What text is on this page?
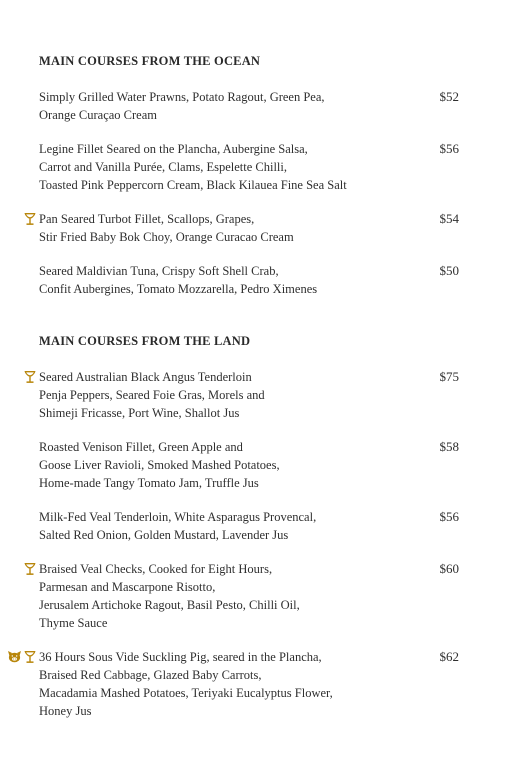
MAIN COURSES FROM THE OCEAN
Simply Grilled Water Prawns, Potato Ragout, Green Pea,
Orange Curaçao Cream
$52
Legine Fillet Seared on the Plancha, Aubergine Salsa,
Carrot and Vanilla Purée, Clams, Espelette Chilli,
Toasted Pink Peppercorn Cream, Black Kilauea Fine Sea Salt
$56
Pan Seared Turbot Fillet, Scallops, Grapes,
Stir Fried Baby Bok Choy, Orange Curacao Cream
$54
Seared Maldivian Tuna, Crispy Soft Shell Crab,
Confit Aubergines, Tomato Mozzarella, Pedro Ximenes
$50
MAIN COURSES FROM THE LAND
Seared Australian Black Angus Tenderloin
Penja Peppers, Seared Foie Gras, Morels and
Shimeji Fricasse, Port Wine, Shallot Jus
$75
Roasted Venison Fillet, Green Apple and
Goose Liver Ravioli, Smoked Mashed Potatoes,
Home-made Tangy Tomato Jam, Truffle Jus
$58
Milk-Fed Veal Tenderloin, White Asparagus Provencal,
Salted Red Onion, Golden Mustard, Lavender Jus
$56
Braised Veal Checks, Cooked for Eight Hours,
Parmesan and Mascarpone Risotto,
Jerusalem Artichoke Ragout, Basil Pesto, Chilli Oil,
Thyme Sauce
$60
36 Hours Sous Vide Suckling Pig, seared in the Plancha,
Braised Red Cabbage, Glazed Baby Carrots,
Macadamia Mashed Potatoes, Teriyaki Eucalyptus Flower,
Honey Jus
$62
